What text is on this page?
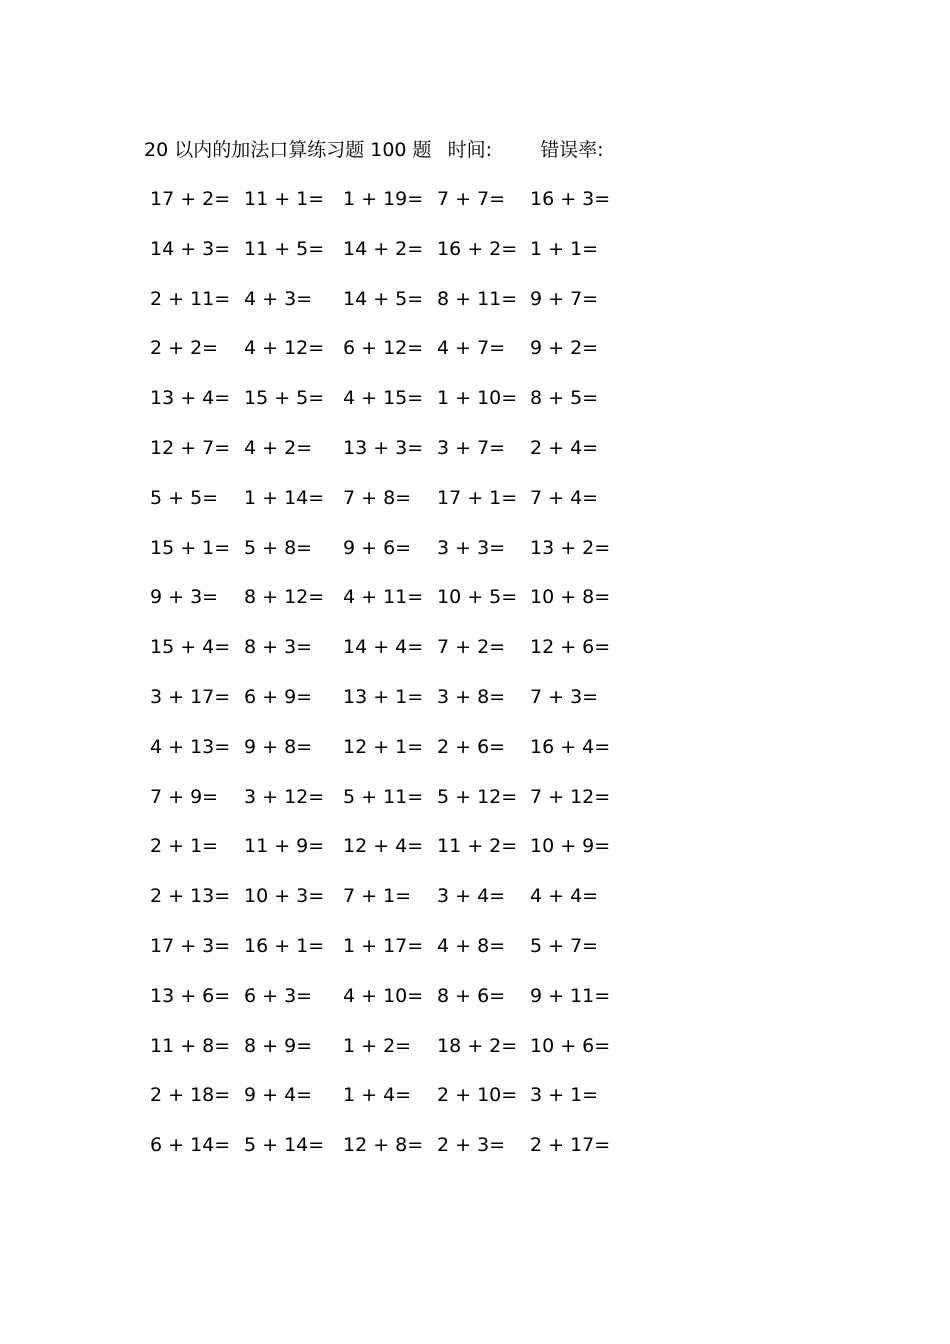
20 以内的加法口算练习题 100 题 时间:	错误率:
17 + 2= 11 + 1= 1 + 19= 7 + 7= 16 + 3=
14 + 3= 11 + 5= 14 + 2= 16 + 2= 1 + 1=
2 + 11= 4 + 3= 14 + 5= 8 + 11= 9 + 7=
2 + 2= 4 + 12= 6 + 12= 4 + 7= 9 + 2=
13 + 4= 15 + 5= 4 + 15= 1 + 10= 8 + 5=
12 + 7= 4 + 2= 13 + 3= 3 + 7= 2 + 4=
5 + 5= 1 + 14= 7 + 8= 17 + 1= 7 + 4=
15 + 1= 5 + 8= 9 + 6= 3 + 3= 13 + 2=
9 + 3= 8 + 12= 4 + 11= 10 + 5= 10 + 8=
15 + 4= 8 + 3= 14 + 4= 7 + 2= 12 + 6=
3 + 17= 6 + 9= 13 + 1= 3 + 8= 7 + 3=
4 + 13= 9 + 8= 12 + 1= 2 + 6= 16 + 4=
7 + 9= 3 + 12= 5 + 11= 5 + 12= 7 + 12=
2 + 1= 11 + 9= 12 + 4= 11 + 2= 10 + 9=
2 + 13= 10 + 3= 7 + 1= 3 + 4= 4 + 4=
17 + 3= 16 + 1= 1 + 17= 4 + 8= 5 + 7=
13 + 6= 6 + 3= 4 + 10= 8 + 6= 9 + 11=
11 + 8= 8 + 9= 1 + 2= 18 + 2= 10 + 6=
2 + 18= 9 + 4= 1 + 4= 2 + 10= 3 + 1=
6 + 14= 5 + 14= 12 + 8= 2 + 3= 2 + 17=
